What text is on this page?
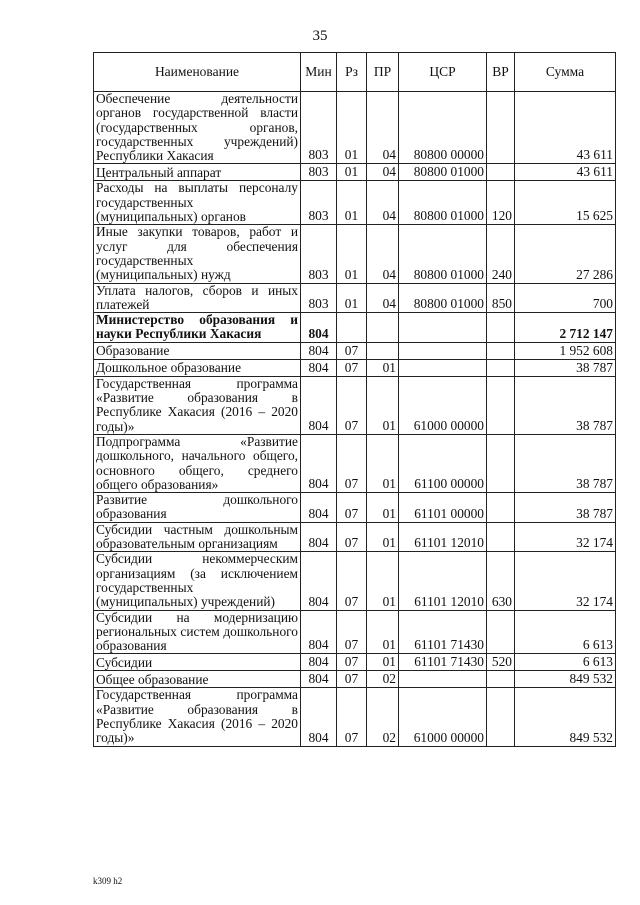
35
Наименование	Мин	Рз	ПР	ЦСР	ВР	Сумма
Обеспечение деятельности органов государственной власти (государственных органов, государственных учреждений) Республики Хакасия	803	01	04	80800 00000		43 611
Центральный аппарат	803	01	04	80800 01000		43 611
Расходы на выплаты персоналу государственных (муниципальных) органов	803	01	04	80800 01000	120	15 625
Иные закупки товаров, работ и услуг для обеспечения государственных (муниципальных) нужд	803	01	04	80800 01000	240	27 286
Уплата налогов, сборов и иных платежей	803	01	04	80800 01000	850	700
Министерство образования и науки Республики Хакасия	804					2 712 147
Образование	804	07				1 952 608
Дошкольное образование	804	07	01			38 787
Государственная программа «Развитие образования в Республике Хакасия (2016 – 2020 годы)»	804	07	01	61000 00000		38 787
Подпрограмма «Развитие дошкольного, начального общего, основного общего, среднего общего образования»	804	07	01	61100 00000		38 787
Развитие дошкольного образования	804	07	01	61101 00000		38 787
Субсидии частным дошкольным образовательным организациям	804	07	01	61101 12010		32 174
Субсидии некоммерческим организациям (за исключением государственных (муниципальных) учреждений)	804	07	01	61101 12010	630	32 174
Субсидии на модернизацию региональных систем дошкольного образования	804	07	01	61101 71430		6 613
Субсидии	804	07	01	61101 71430	520	6 613
Общее образование	804	07	02			849 532
Государственная программа «Развитие образования в Республике Хакасия (2016 – 2020 годы)»	804	07	02	61000 00000		849 532
k309 h2
